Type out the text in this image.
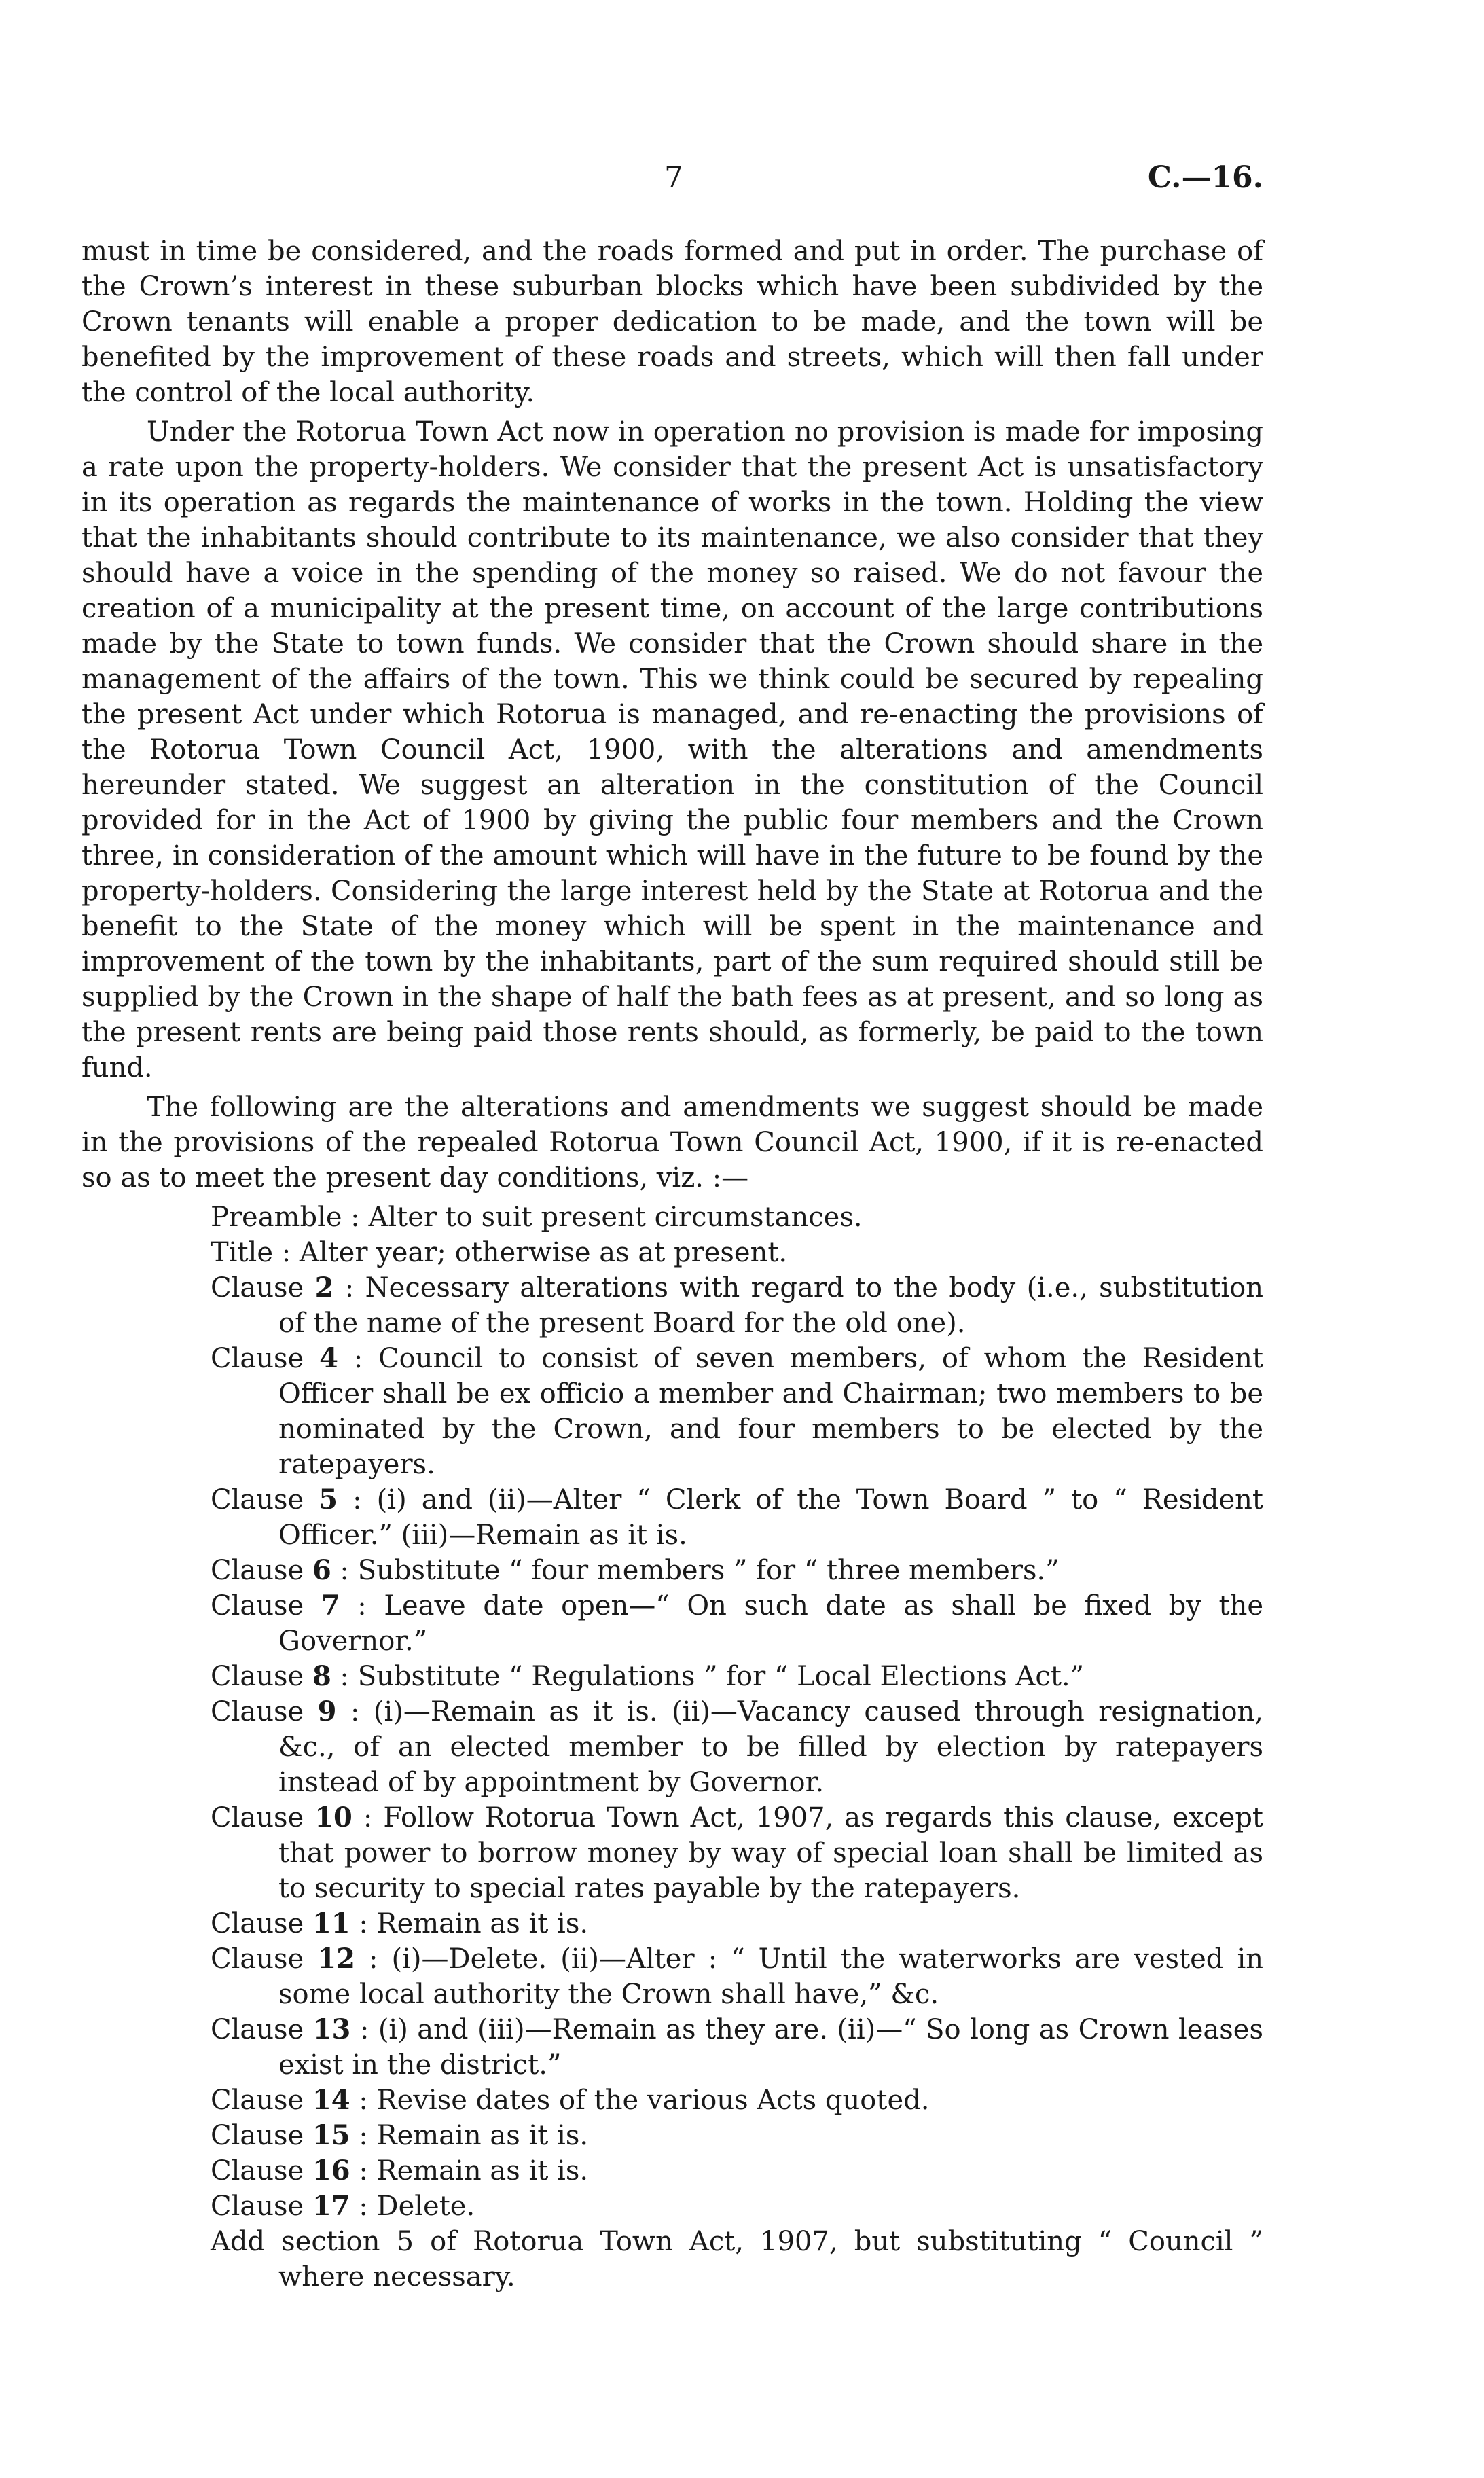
7	C.—16.

must in time be considered, and the roads formed and put in order. The purchase of the Crown’s interest in these suburban blocks which have been subdivided by the Crown tenants will enable a proper dedication to be made, and the town will be benefited by the improvement of these roads and streets, which will then fall under the control of the local authority.

Under the Rotorua Town Act now in operation no provision is made for imposing a rate upon the property-holders. We consider that the present Act is unsatisfactory in its operation as regards the maintenance of works in the town. Holding the view that the inhabitants should contribute to its maintenance, we also consider that they should have a voice in the spending of the money so raised. We do not favour the creation of a municipality at the present time, on account of the large contributions made by the State to town funds. We consider that the Crown should share in the management of the affairs of the town. This we think could be secured by repealing the present Act under which Rotorua is managed, and re-enacting the provisions of the Rotorua Town Council Act, 1900, with the alterations and amendments hereunder stated. We suggest an alteration in the constitution of the Council provided for in the Act of 1900 by giving the public four members and the Crown three, in consideration of the amount which will have in the future to be found by the property-holders. Considering the large interest held by the State at Rotorua and the benefit to the State of the money which will be spent in the maintenance and improvement of the town by the inhabitants, part of the sum required should still be supplied by the Crown in the shape of half the bath fees as at present, and so long as the present rents are being paid those rents should, as formerly, be paid to the town fund.

The following are the alterations and amendments we suggest should be made in the provisions of the repealed Rotorua Town Council Act, 1900, if it is re-enacted so as to meet the present day conditions, viz. :—

Preamble : Alter to suit present circumstances.
Title : Alter year; otherwise as at present.
Clause 2 : Necessary alterations with regard to the body (i.e., substitution of the name of the present Board for the old one).
Clause 4 : Council to consist of seven members, of whom the Resident Officer shall be ex officio a member and Chairman; two members to be nominated by the Crown, and four members to be elected by the ratepayers.
Clause 5 : (i) and (ii)—Alter “ Clerk of the Town Board ” to “ Resident Officer.” (iii)—Remain as it is.
Clause 6 : Substitute “ four members ” for “ three members.”
Clause 7 : Leave date open—“ On such date as shall be fixed by the Governor.”
Clause 8 : Substitute “ Regulations ” for “ Local Elections Act.”
Clause 9 : (i)—Remain as it is. (ii)—Vacancy caused through resignation, &c., of an elected member to be filled by election by ratepayers instead of by appointment by Governor.
Clause 10 : Follow Rotorua Town Act, 1907, as regards this clause, except that power to borrow money by way of special loan shall be limited as to security to special rates payable by the ratepayers.
Clause 11 : Remain as it is.
Clause 12 : (i)—Delete. (ii)—Alter : “ Until the waterworks are vested in some local authority the Crown shall have,” &c.
Clause 13 : (i) and (iii)—Remain as they are. (ii)—“ So long as Crown leases exist in the district.”
Clause 14 : Revise dates of the various Acts quoted.
Clause 15 : Remain as it is.
Clause 16 : Remain as it is.
Clause 17 : Delete.
Add section 5 of Rotorua Town Act, 1907, but substituting “ Council ” where necessary.
